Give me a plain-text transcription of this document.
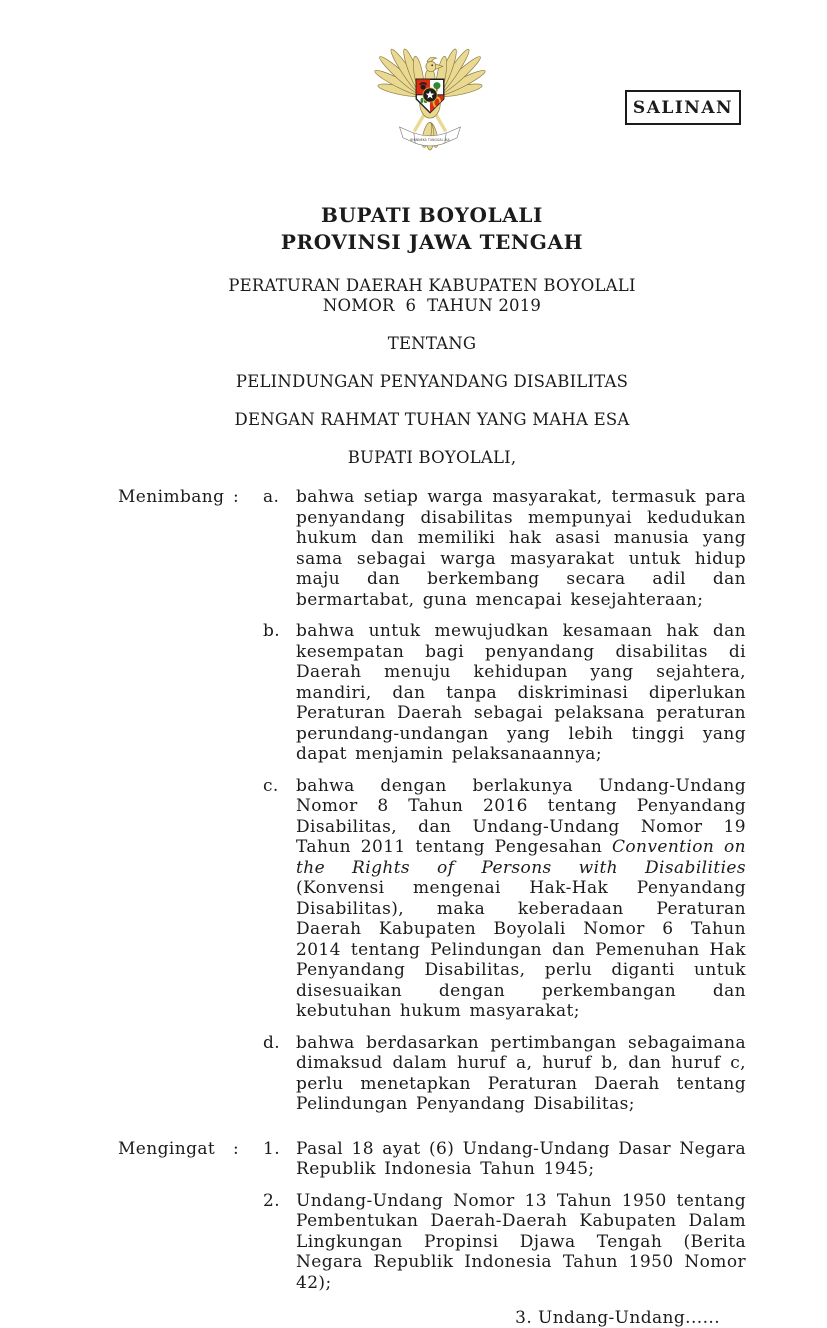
BHINNEKA TUNGGAL IKA
SALINAN
BUPATI BOYOLALI
PROVINSI JAWA TENGAH
PERATURAN DAERAH KABUPATEN BOYOLALI
NOMOR  6  TAHUN 2019
TENTANG
PELINDUNGAN PENYANDANG DISABILITAS
DENGAN RAHMAT TUHAN YANG MAHA ESA
BUPATI BOYOLALI,
Menimbang :	a. bahwa setiap warga masyarakat, termasuk para penyandang disabilitas mempunyai kedudukan hukum dan memiliki hak asasi manusia yang sama sebagai warga masyarakat untuk hidup maju dan berkembang secara adil dan bermartabat, guna mencapai kesejahteraan;
b. bahwa untuk mewujudkan kesamaan hak dan kesempatan bagi penyandang disabilitas di Daerah menuju kehidupan yang sejahtera, mandiri, dan tanpa diskriminasi diperlukan Peraturan Daerah sebagai pelaksana peraturan perundang-undangan yang lebih tinggi yang dapat menjamin pelaksanaannya;
c.	bahwa dengan berlakunya Undang-Undang Nomor 8 Tahun 2016 tentang Penyandang Disabilitas, dan Undang-Undang Nomor 19 Tahun 2011 tentang Pengesahan Convention on the Rights of Persons with Disabilities (Konvensi mengenai Hak-Hak Penyandang Disabilitas), maka keberadaan Peraturan Daerah Kabupaten Boyolali Nomor 6 Tahun 2014 tentang Pelindungan dan Pemenuhan Hak Penyandang Disabilitas, perlu diganti untuk disesuaikan dengan perkembangan dan kebutuhan hukum masyarakat;
d. bahwa berdasarkan pertimbangan sebagaimana dimaksud dalam huruf a, huruf b, dan huruf c, perlu menetapkan Peraturan Daerah tentang Pelindungan Penyandang Disabilitas;
Mengingat	:	1. Pasal 18 ayat (6) Undang-Undang Dasar Negara Republik Indonesia Tahun 1945;
2. Undang-Undang Nomor 13 Tahun 1950 tentang Pembentukan Daerah-Daerah Kabupaten Dalam Lingkungan Propinsi Djawa Tengah (Berita Negara Republik Indonesia Tahun 1950 Nomor 42);
3. Undang-Undang......
